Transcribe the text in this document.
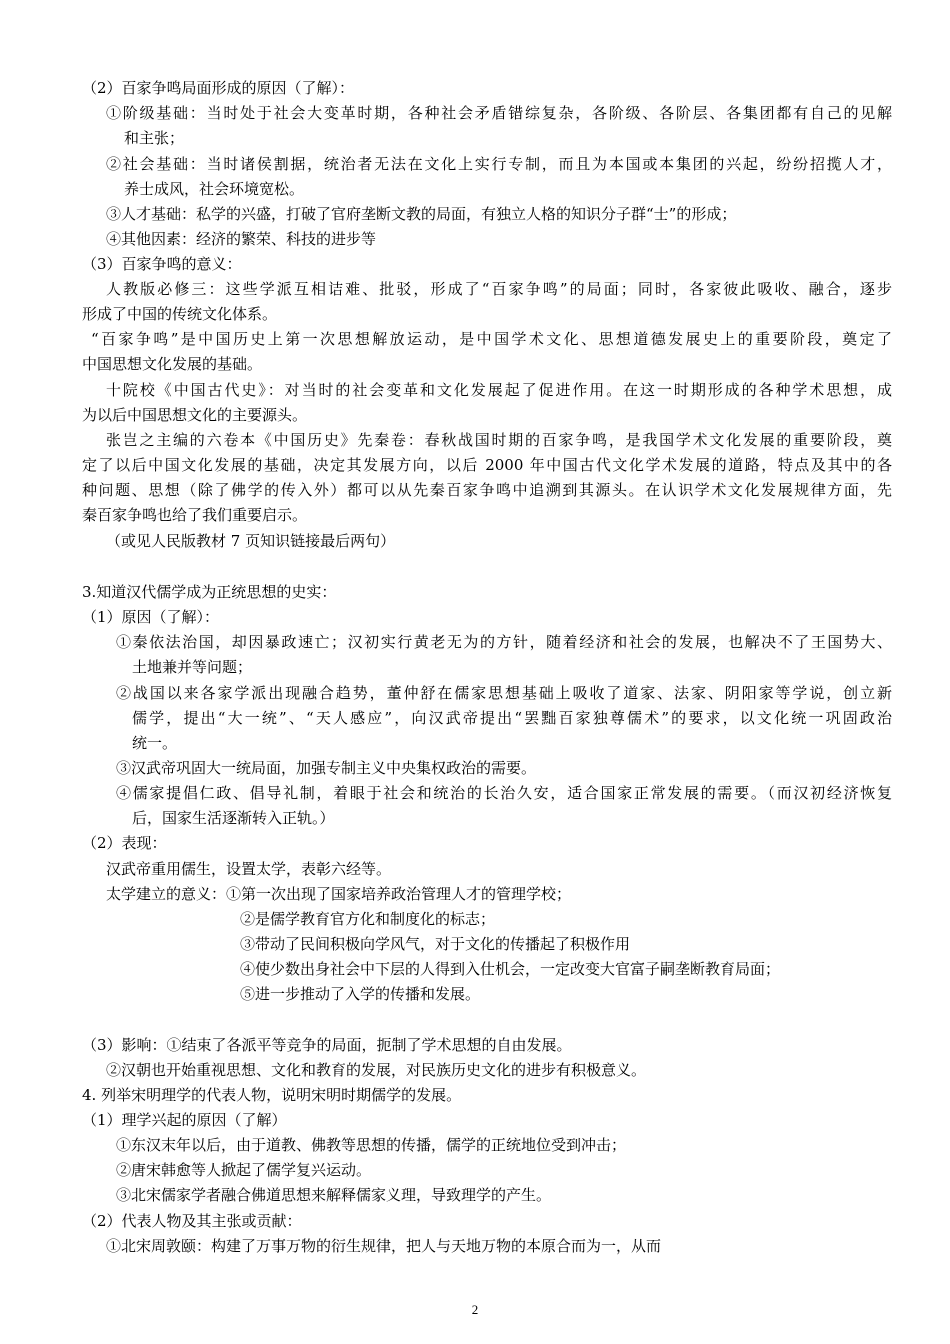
（2）百家争鸣局面形成的原因（了解）：
①阶级基础：当时处于社会大变革时期，各种社会矛盾错综复杂，各阶级、各阶层、各集团都有自己的见解
和主张；
②社会基础：当时诸侯割据，统治者无法在文化上实行专制，而且为本国或本集团的兴起，纷纷招揽人才，
养士成风，社会环境宽松。
③人才基础：私学的兴盛，打破了官府垄断文教的局面，有独立人格的知识分子群“士”的形成；
④其他因素：经济的繁荣、科技的进步等
（3）百家争鸣的意义：
人教版必修三：这些学派互相诘难、批驳，形成了“百家争鸣”的局面；同时，各家彼此吸收、融合，逐步
形成了中国的传统文化体系。
“百家争鸣”是中国历史上第一次思想解放运动，是中国学术文化、思想道德发展史上的重要阶段，奠定了
中国思想文化发展的基础。
十院校《中国古代史》：对当时的社会变革和文化发展起了促进作用。在这一时期形成的各种学术思想，成
为以后中国思想文化的主要源头。
张岂之主编的六卷本《中国历史》先秦卷：春秋战国时期的百家争鸣，是我国学术文化发展的重要阶段，奠
定了以后中国文化发展的基础，决定其发展方向，以后 2000 年中国古代文化学术发展的道路，特点及其中的各
种问题、思想（除了佛学的传入外）都可以从先秦百家争鸣中追溯到其源头。在认识学术文化发展规律方面，先
秦百家争鸣也给了我们重要启示。
（或见人民版教材 7 页知识链接最后两句）
3.知道汉代儒学成为正统思想的史实：
（1）原因（了解）：
①秦依法治国，却因暴政速亡；汉初实行黄老无为的方针，随着经济和社会的发展，也解决不了王国势大、
土地兼并等问题；
②战国以来各家学派出现融合趋势，董仲舒在儒家思想基础上吸收了道家、法家、阴阳家等学说，创立新
儒学，提出“大一统”、“天人感应”，向汉武帝提出“罢黜百家独尊儒术”的要求，以文化统一巩固政治
统一。
③汉武帝巩固大一统局面，加强专制主义中央集权政治的需要。
④儒家提倡仁政、倡导礼制，着眼于社会和统治的长治久安，适合国家正常发展的需要。（而汉初经济恢复
后，国家生活逐渐转入正轨。）
（2）表现：
汉武帝重用儒生，设置太学，表彰六经等。
太学建立的意义：①第一次出现了国家培养政治管理人才的管理学校；
②是儒学教育官方化和制度化的标志；
③带动了民间积极向学风气，对于文化的传播起了积极作用
④使少数出身社会中下层的人得到入仕机会，一定改变大官富子嗣垄断教育局面；
⑤进一步推动了入学的传播和发展。
（3）影响：①结束了各派平等竞争的局面，扼制了学术思想的自由发展。
②汉朝也开始重视思想、文化和教育的发展，对民族历史文化的进步有积极意义。
4. 列举宋明理学的代表人物，说明宋明时期儒学的发展。
（1）理学兴起的原因（了解）
①东汉末年以后，由于道教、佛教等思想的传播，儒学的正统地位受到冲击；
②唐宋韩愈等人掀起了儒学复兴运动。
③北宋儒家学者融合佛道思想来解释儒家义理，导致理学的产生。
（2）代表人物及其主张或贡献：
①北宋周敦颐：构建了万事万物的衍生规律，把人与天地万物的本原合而为一，从而
2
